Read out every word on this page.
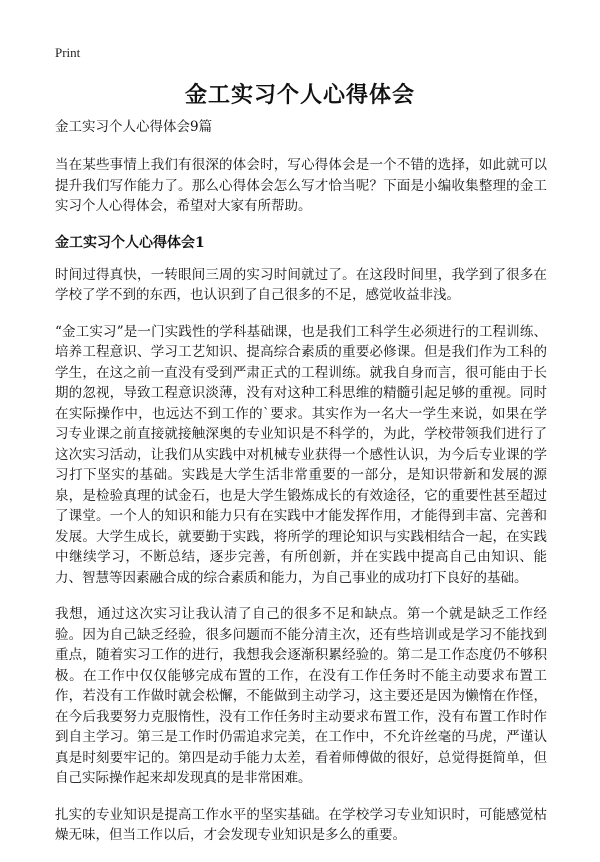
Print
金工实习个人心得体会
金工实习个人心得体会9篇

当在某些事情上我们有很深的体会时，写心得体会是一个不错的选择，如此就可以提升我们写作能力了。那么心得体会怎么写才恰当呢？下面是小编收集整理的金工实习个人心得体会，希望对大家有所帮助。

金工实习个人心得体会1

时间过得真快，一转眼间三周的实习时间就过了。在这段时间里，我学到了很多在学校了学不到的东西，也认识到了自己很多的不足，感觉收益非浅。

“金工实习”是一门实践性的学科基础课，也是我们工科学生必须进行的工程训练、培养工程意识、学习工艺知识、提高综合素质的重要必修课。但是我们作为工科的学生，在这之前一直没有受到严肃正式的工程训练。就我自身而言，很可能由于长期的忽视，导致工程意识淡薄，没有对这种工科思维的精髓引起足够的重视。同时在实际操作中，也远达不到工作的`要求。其实作为一名大一学生来说，如果在学习专业课之前直接就接触深奥的专业知识是不科学的，为此，学校带领我们进行了这次实习活动，让我们从实践中对机械专业获得一个感性认识，为今后专业课的学习打下坚实的基础。实践是大学生活非常重要的一部分，是知识带新和发展的源泉，是检验真理的试金石，也是大学生锻炼成长的有效途径，它的重要性甚至超过了课堂。一个人的知识和能力只有在实践中才能发挥作用，才能得到丰富、完善和发展。大学生成长，就要勤于实践，将所学的理论知识与实践相结合一起，在实践中继续学习，不断总结，逐步完善，有所创新，并在实践中提高自己由知识、能力、智慧等因素融合成的综合素质和能力，为自己事业的成功打下良好的基础。

我想，通过这次实习让我认清了自己的很多不足和缺点。第一个就是缺乏工作经验。因为自己缺乏经验，很多问题而不能分清主次，还有些培训或是学习不能找到重点，随着实习工作的进行，我想我会逐渐积累经验的。第二是工作态度仍不够积极。在工作中仅仅能够完成布置的工作，在没有工作任务时不能主动要求布置工作，若没有工作做时就会松懈，不能做到主动学习，这主要还是因为懒惰在作怪，在今后我要努力克服惰性，没有工作任务时主动要求布置工作，没有布置工作时作到自主学习。第三是工作时仍需追求完美，在工作中，不允许丝毫的马虎，严谨认真是时刻要牢记的。第四是动手能力太差，看着师傅做的很好，总觉得挺简单，但自己实际操作起来却发现真的是非常困难。

扎实的专业知识是提高工作水平的坚实基础。在学校学习专业知识时，可能感觉枯燥无味，但当工作以后，才会发现专业知识是多么的重要。
